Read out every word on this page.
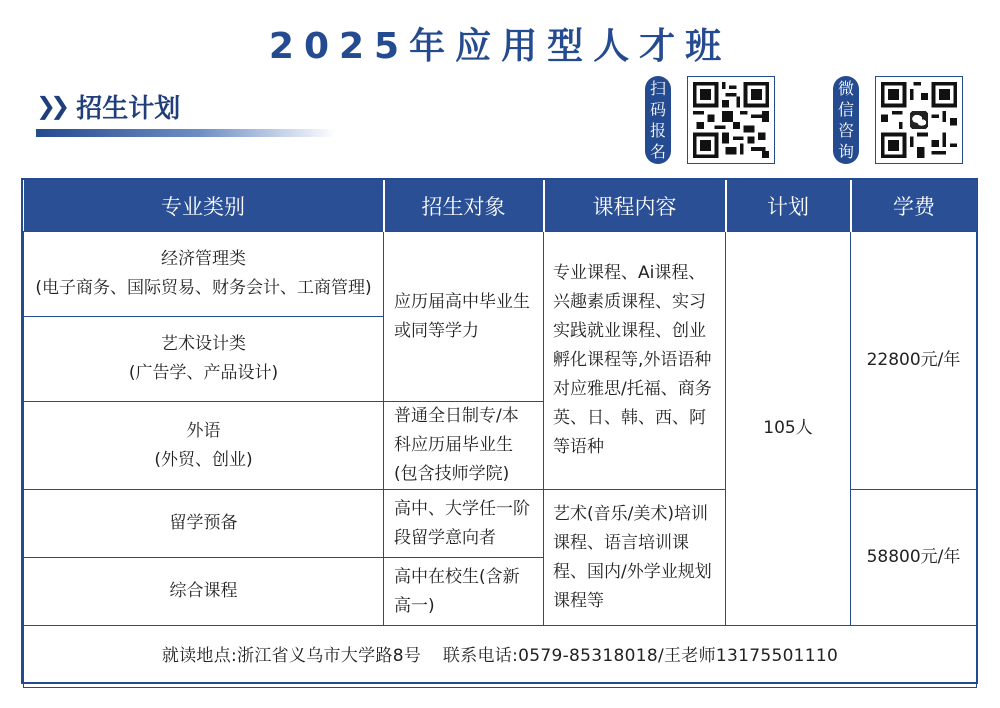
2025年应用型人才班
❯❯ 招生计划
扫
码
报
名
微
信
咨
询
专业类别	招生对象	课程内容	计划	学费

经济管理类
(电子商务、国际贸易、财务会计、工商管理)	应历届高中毕业生或同等学力	专业课程、Ai课程、兴趣素质课程、实习实践就业课程、创业孵化课程等,外语语种对应雅思/托福、商务英、日、韩、西、阿等语种	105人	22800元/年

艺术设计类
(广告学、产品设计)				

外语
(外贸、创业)	普通全日制专/本科应历届毕业生(包含技师学院)			

留学预备	高中、大学任一阶段留学意向者	艺术(音乐/美术)培训课程、语言培训课程、国内/外学业规划课程等		58800元/年

综合课程	高中在校生(含新高一)			
就读地点:浙江省义乌市大学路8号 联系电话:0579-85318018/王老师13175501110				
